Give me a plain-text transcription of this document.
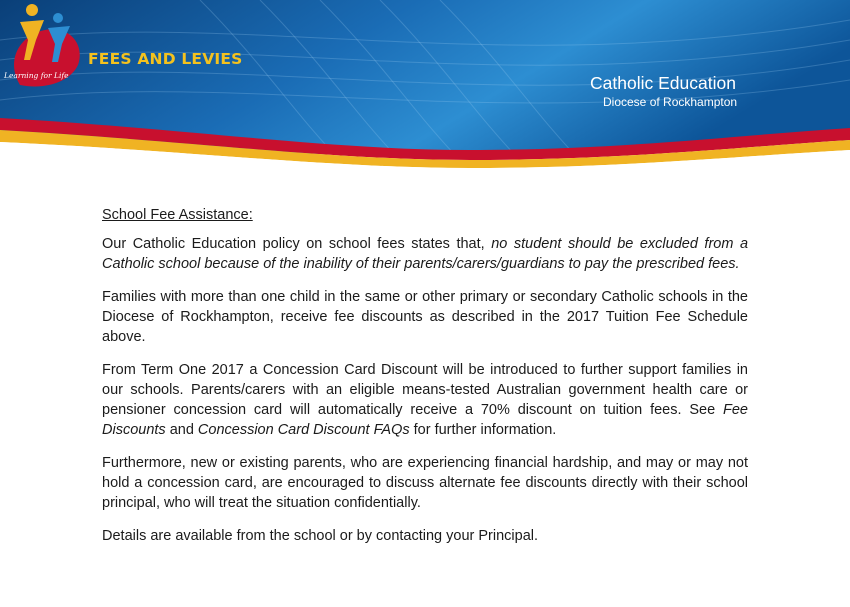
FEES AND LEVIES
Learning for Life	Catholic Education
Diocese of Rockhampton

School Fee Assistance:

Our Catholic Education policy on school fees states that, no student should be excluded from a Catholic school because of the inability of their parents/carers/guardians to pay the prescribed fees.

Families with more than one child in the same or other primary or secondary Catholic schools in the Diocese of Rockhampton, receive fee discounts as described in the 2017 Tuition Fee Schedule above.

From Term One 2017 a Concession Card Discount will be introduced to further support families in our schools. Parents/carers with an eligible means-tested Australian government health care or pensioner concession card will automatically receive a 70% discount on tuition fees. See Fee Discounts and Concession Card Discount FAQs for further information.

Furthermore, new or existing parents, who are experiencing financial hardship, and may or may not hold a concession card, are encouraged to discuss alternate fee discounts directly with their school principal, who will treat the situation confidentially.

Details are available from the school or by contacting your Principal.
